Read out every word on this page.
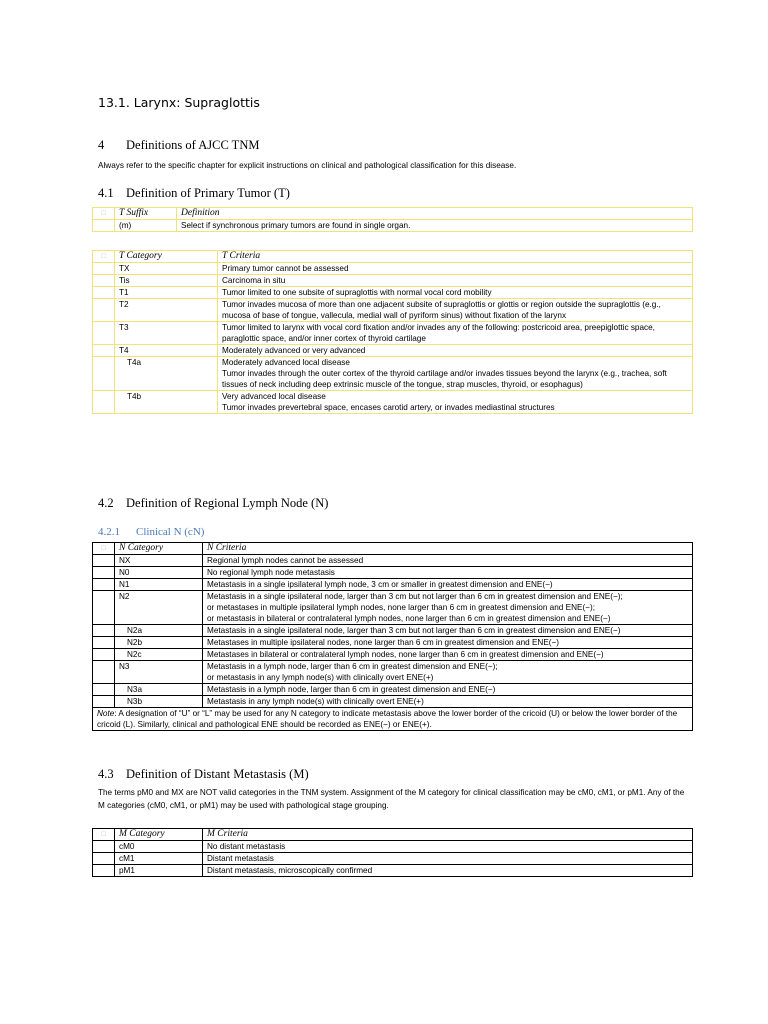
13.1. Larynx: Supraglottis
4 Definitions of AJCC TNM
Always refer to the specific chapter for explicit instructions on clinical and pathological classification for this disease.
4.1 Definition of Primary Tumor (T)
□	T Suffix	Definition
	(m)	Select if synchronous primary tumors are found in single organ.
□	T Category	T Criteria
	TX	Primary tumor cannot be assessed
	Tis	Carcinoma in situ
	T1	Tumor limited to one subsite of supraglottis with normal vocal cord mobility
	T2	Tumor invades mucosa of more than one adjacent subsite of supraglottis or glottis or region outside the supraglottis (e.g., mucosa of base of tongue, vallecula, medial wall of pyriform sinus) without fixation of the larynx
	T3	Tumor limited to larynx with vocal cord fixation and/or invades any of the following: postcricoid area, preepiglottic space, paraglottic space, and/or inner cortex of thyroid cartilage
	T4	Moderately advanced or very advanced
	T4a	Moderately advanced local disease
Tumor invades through the outer cortex of the thyroid cartilage and/or invades tissues beyond the larynx (e.g., trachea, soft tissues of neck including deep extrinsic muscle of the tongue, strap muscles, thyroid, or esophagus)
	T4b	Very advanced local disease
Tumor invades prevertebral space, encases carotid artery, or invades mediastinal structures
4.2 Definition of Regional Lymph Node (N)
4.2.1 Clinical N (cN)
□	N Category	N Criteria
	NX	Regional lymph nodes cannot be assessed
	N0	No regional lymph node metastasis
	N1	Metastasis in a single ipsilateral lymph node, 3 cm or smaller in greatest dimension and ENE(−)
	N2	Metastasis in a single ipsilateral node, larger than 3 cm but not larger than 6 cm in greatest dimension and ENE(−);
or metastases in multiple ipsilateral lymph nodes, none larger than 6 cm in greatest dimension and ENE(−);
or metastasis in bilateral or contralateral lymph nodes, none larger than 6 cm in greatest dimension and ENE(−)
	N2a	Metastasis in a single ipsilateral node, larger than 3 cm but not larger than 6 cm in greatest dimension and ENE(−)
	N2b	Metastases in multiple ipsilateral nodes, none larger than 6 cm in greatest dimension and ENE(−)
	N2c	Metastases in bilateral or contralateral lymph nodes, none larger than 6 cm in greatest dimension and ENE(−)
	N3	Metastasis in a lymph node, larger than 6 cm in greatest dimension and ENE(−);
or metastasis in any lymph node(s) with clinically overt ENE(+)
	N3a	Metastasis in a lymph node, larger than 6 cm in greatest dimension and ENE(−)
	N3b	Metastasis in any lymph node(s) with clinically overt ENE(+)
Note: A designation of “U” or “L” may be used for any N category to indicate metastasis above the lower border of the cricoid (U) or below the lower border of the cricoid (L). Similarly, clinical and pathological ENE should be recorded as ENE(−) or ENE(+).		
4.3 Definition of Distant Metastasis (M)
The terms pM0 and MX are NOT valid categories in the TNM system. Assignment of the M category for clinical classification may be cM0, cM1, or pM1. Any of the M categories (cM0, cM1, or pM1) may be used with pathological stage grouping.
□	M Category	M Criteria
	cM0	No distant metastasis
	cM1	Distant metastasis
	pM1	Distant metastasis, microscopically confirmed
